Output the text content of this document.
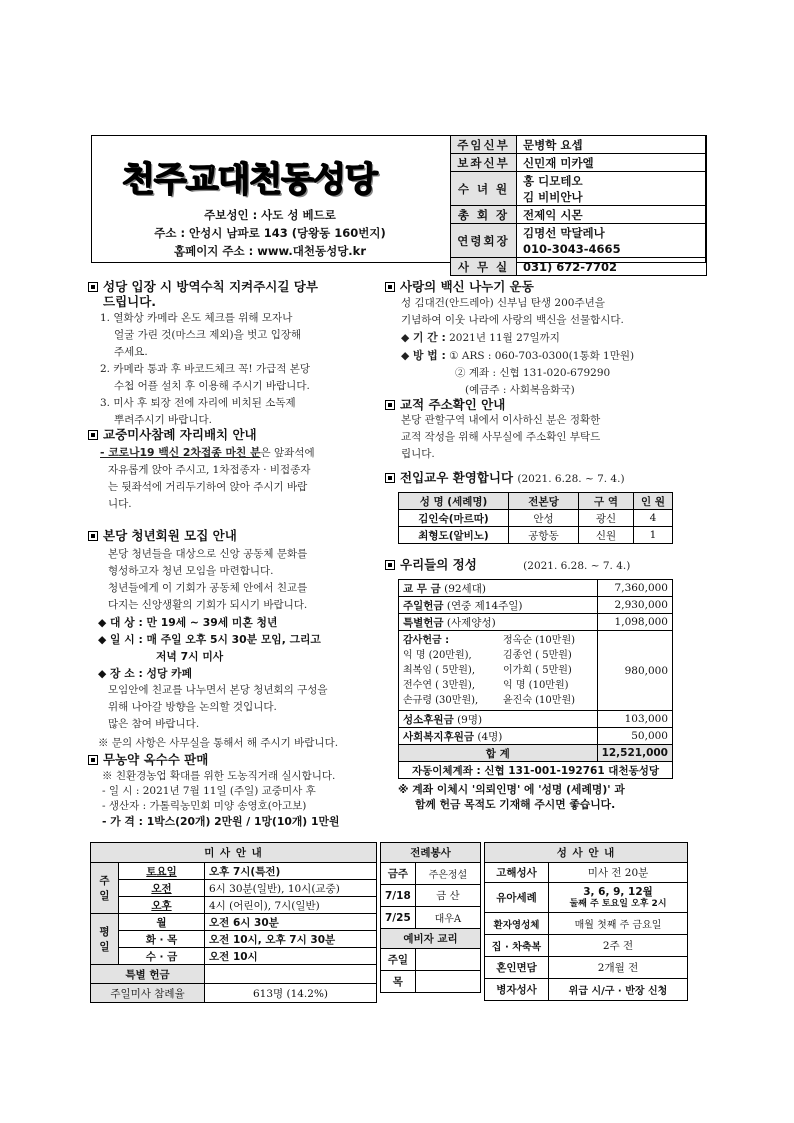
천주교대천동성당
주보성인 : 사도 성 베드로
주소 : 안성시 남파로 143 (당왕동 160번지)
홈페이지 주소 : www.대천동성당.kr
주임신부	문병학 요셉
보좌신부	신민재 미카엘
수 녀 원	홍 디모테오
김 비비안나

총 회 장	전제익 시몬
연령회장	김명선 막달레나
010-3043-4665

사 무 실	031) 672-7702
성당 입장 시 방역수칙 지켜주시길 당부
드립니다.
1. 열화상 카메라 온도 체크를 위해 모자나
얼굴 가린 것(마스크 제외)을 벗고 입장해
주세요.
2. 카메라 통과 후 바코드체크 꼭! 가급적 본당
수첩 어플 설치 후 이용해 주시기 바랍니다.
3. 미사 후 퇴장 전에 자리에 비치된 소독제
뿌려주시기 바랍니다.
교중미사참례 자리배치 안내
- 코로나19 백신 2차접종 마친 분은 앞좌석에
자유롭게 앉아 주시고, 1차접종자 · 비접종자
는 뒷좌석에 거리두기하여 앉아 주시기 바랍
니다.
본당 청년회원 모집 안내
본당 청년들을 대상으로 신앙 공동체 문화를
형성하고자 청년 모임을 마련합니다.
청년들에게 이 기회가 공동체 안에서 친교를
다지는 신앙생활의 기회가 되시기 바랍니다.
◆ 대 상 : 만 19세 ~ 39세 미혼 청년
◆ 일 시 : 매 주일 오후 5시 30분 모임, 그리고
저녁 7시 미사
◆ 장 소 : 성당 카페
모임안에 친교를 나누면서 본당 청년회의 구성을
위해 나아갈 방향을 논의할 것입니다.
많은 참여 바랍니다.
※ 문의 사항은 사무실을 통해서 해 주시기 바랍니다.
무농약 옥수수 판매
※ 친환경농업 확대를 위한 도농직거래 실시합니다.
- 일 시 : 2021년 7월 11일 (주일) 교중미사 후
- 생산자 : 가톨릭농민회 미양 송영호(아고보)
- 가 격 : 1박스(20개) 2만원 / 1망(10개) 1만원
사랑의 백신 나누기 운동
성 김대건(안드레아) 신부님 탄생 200주년을
기념하여 이웃 나라에 사랑의 백신을 선물합시다.
◆ 기 간 : 2021년 11월 27일까지
◆ 방 법 : ① ARS : 060-703-0300(1통화 1만원)
② 계좌 : 신협 131-020-679290
(예금주 : 사회복음화국)
교적 주소확인 안내
본당 관할구역 내에서 이사하신 분은 정확한
교적 작성을 위해 사무실에 주소확인 부탁드
립니다.
전입교우 환영합니다 (2021. 6.28. ~ 7. 4.)
성 명 (세례명)	전본당	구 역	인 원
김인숙(마르따)	안성	광신	4
최형도(알비노)	공항동	신원	1
우리들의 정성	(2021. 6.28. ~ 7. 4.)
교 무 금 (92세대)	7,360,000
주일헌금 (연중 제14주일)	2,930,000
특별헌금 (사제양성)	1,098,000

감사헌금 : 정옥순 (10만원)
익 명 (20만원), 김종언 ( 5만원)
최복임 ( 5만원), 이가희 ( 5만원)
전수연 ( 3만원), 익 명 (10만원)
손규령 (30만원), 윤진숙 (10만원)	980,000
성소후원금 (9명)	103,000
사회복지후원금 (4명)	50,000
합 계	12,521,000
자동이체계좌 : 신협 131-001-192761 대천동성당	
※ 계좌 이체시 '의뢰인명' 에 '성명 (세례명)' 과
함께 헌금 목적도 기재해 주시면 좋습니다.
미 사 안 내		
주일	토요일	오후 7시(특전)
	오전	6시 30분(일반), 10시(교중)
	오후	4시 (어린이), 7시(일반)
평일	월	오전 6시 30분
	화 · 목	오전 10시, 오후 7시 30분
	수 · 금	오전 10시
특별 헌금		
주일미사 참례율		613명 (14.2%)
전례봉사	
금주	주은정설
7/18	금 산
7/25	대우A
예비자 교리	
주일	
목	
성 사 안 내	
고해성사	미사 전 20분
유아세례	3, 6, 9, 12월
둘째 주 토요일 오후 2시

환자영성체	매월 첫째 주 금요일
집 · 차축복	2주 전
혼인면담	2개월 전
병자성사	위급 시/구 · 반장 신청
